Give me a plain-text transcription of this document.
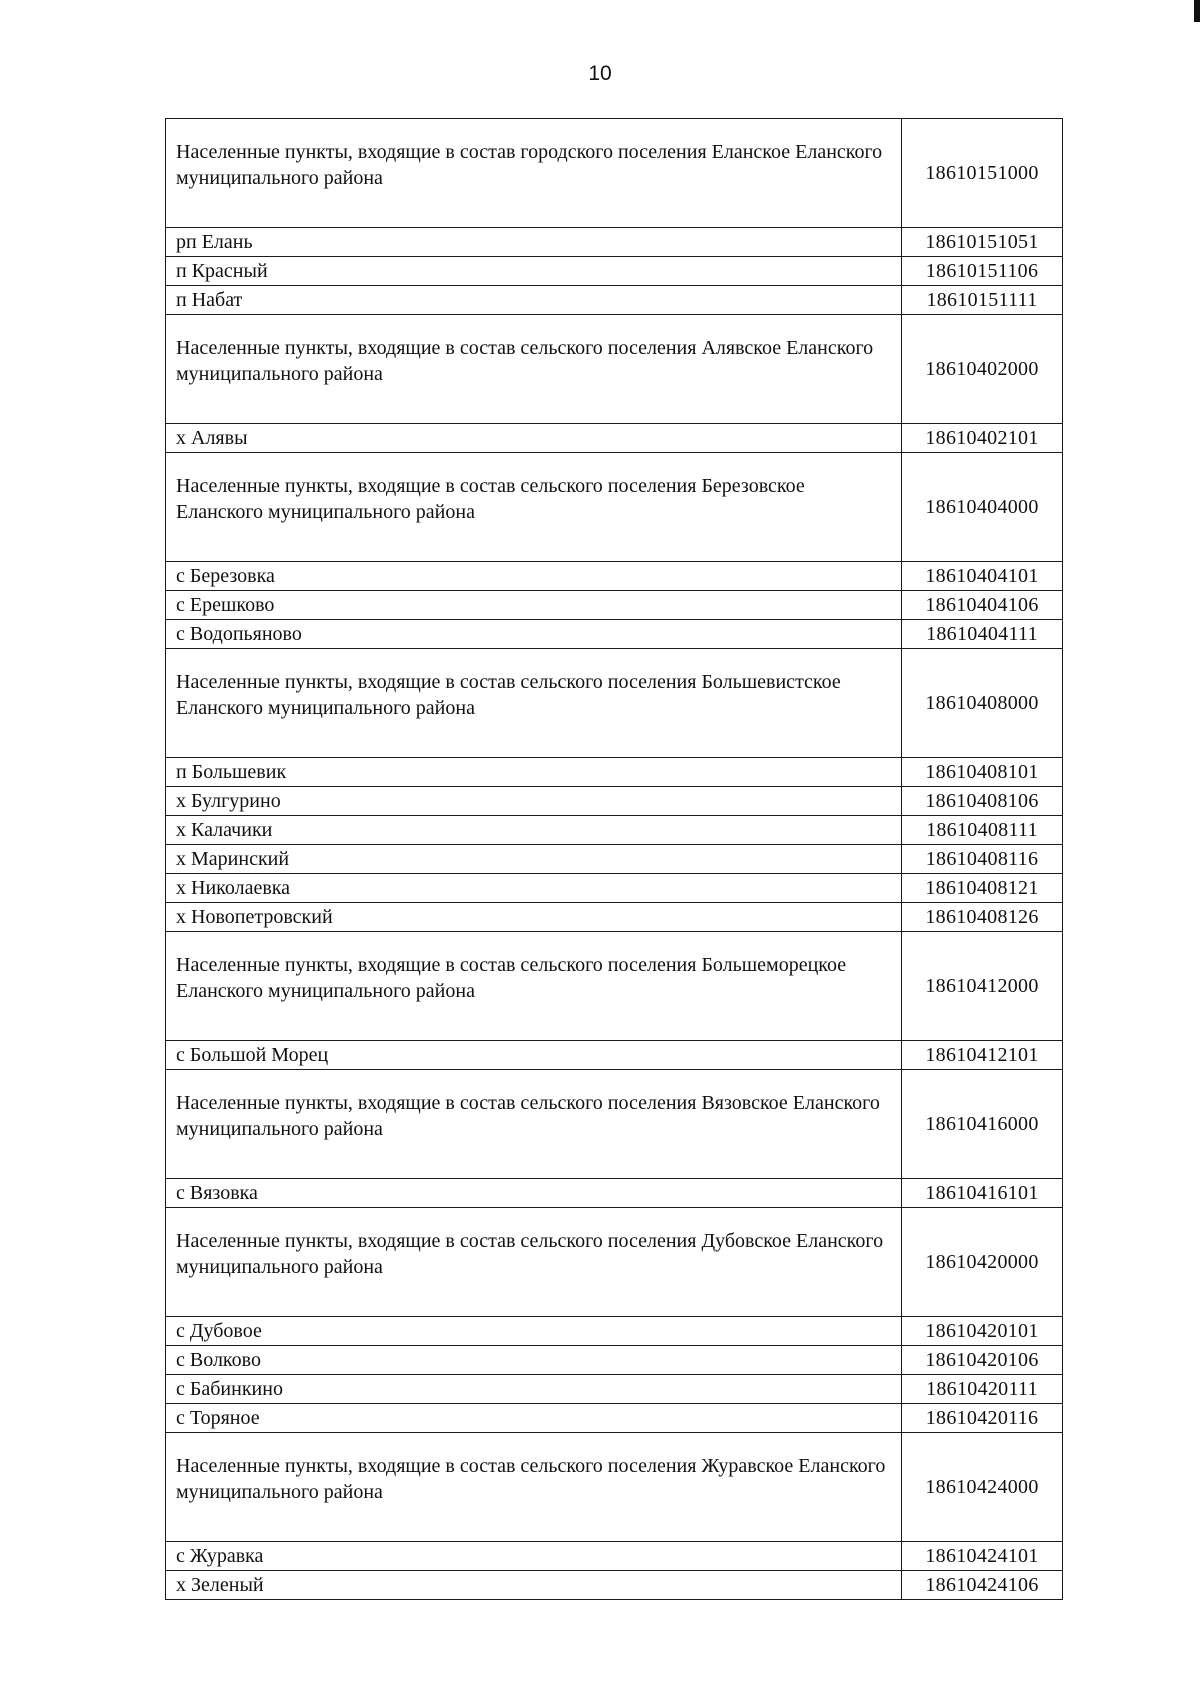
10
Населенные пункты, входящие в состав городского поселения Еланское Еланского муниципального района	18610151000
рп Елань	18610151051
п Красный	18610151106
п Набат	18610151111
Населенные пункты, входящие в состав сельского поселения Алявское Еланского муниципального района	18610402000
х Алявы	18610402101
Населенные пункты, входящие в состав сельского поселения Березовское Еланского муниципального района	18610404000
с Березовка	18610404101
с Ерешково	18610404106
с Водопьяново	18610404111
Населенные пункты, входящие в состав сельского поселения Большевистское Еланского муниципального района	18610408000
п Большевик	18610408101
х Булгурино	18610408106
х Калачики	18610408111
х Маринский	18610408116
х Николаевка	18610408121
х Новопетровский	18610408126
Населенные пункты, входящие в состав сельского поселения Большеморецкое Еланского муниципального района	18610412000
с Большой Морец	18610412101
Населенные пункты, входящие в состав сельского поселения Вязовское Еланского муниципального района	18610416000
с Вязовка	18610416101
Населенные пункты, входящие в состав сельского поселения Дубовское Еланского муниципального района	18610420000
с Дубовое	18610420101
с Волково	18610420106
с Бабинкино	18610420111
с Торяное	18610420116
Населенные пункты, входящие в состав сельского поселения Журавское Еланского муниципального района	18610424000
с Журавка	18610424101
х Зеленый	18610424106
